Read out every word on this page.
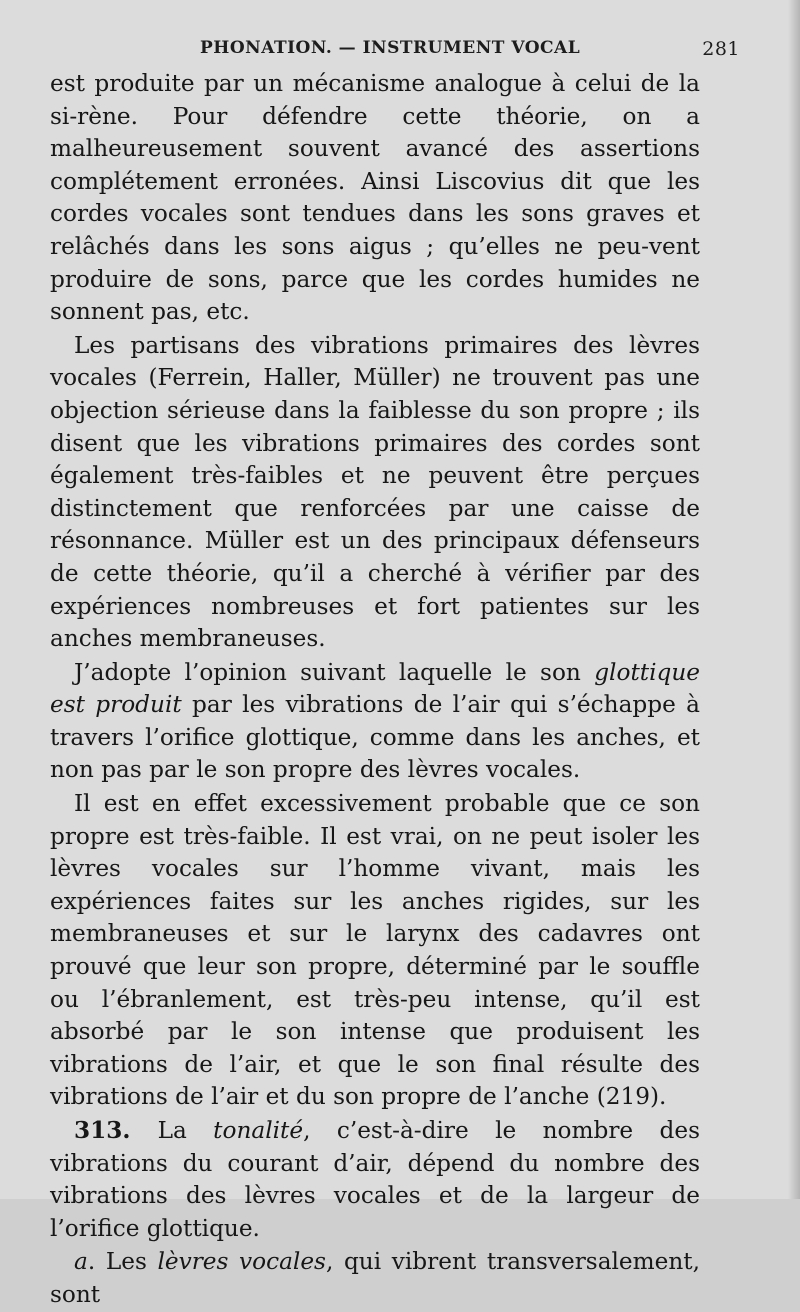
PHONATION. — INSTRUMENT VOCAL	281

est produite par un mécanisme analogue à celui de la si-rène. Pour défendre cette théorie, on a malheureusement souvent avancé des assertions complétement erronées. Ainsi Liscovius dit que les cordes vocales sont tendues dans les sons graves et relâchés dans les sons aigus ; qu’elles ne peu-vent produire de sons, parce que les cordes humides ne sonnent pas, etc.

Les partisans des vibrations primaires des lèvres vocales (Ferrein, Haller, Müller) ne trouvent pas une objection sérieuse dans la faiblesse du son propre ; ils disent que les vibrations primaires des cordes sont également très-faibles et ne peuvent être perçues distinctement que renforcées par une caisse de résonnance. Müller est un des principaux défenseurs de cette théorie, qu’il a cherché à vérifier par des expériences nombreuses et fort patientes sur les anches membraneuses.

J’adopte l’opinion suivant laquelle le son glottique est produit par les vibrations de l’air qui s’échappe à travers l’orifice glottique, comme dans les anches, et non pas par le son propre des lèvres vocales.

Il est en effet excessivement probable que ce son propre est très-faible. Il est vrai, on ne peut isoler les lèvres vocales sur l’homme vivant, mais les expériences faites sur les anches rigides, sur les membraneuses et sur le larynx des cadavres ont prouvé que leur son propre, déterminé par le souffle ou l’ébranlement, est très-peu intense, qu’il est absorbé par le son intense que produisent les vibrations de l’air, et que le son final résulte des vibrations de l’air et du son propre de l’anche (219).

313. La tonalité, c’est-à-dire le nombre des vibrations du courant d’air, dépend du nombre des vibrations des lèvres vocales et de la largeur de l’orifice glottique.

a. Les lèvres vocales, qui vibrent transversalement, sont
